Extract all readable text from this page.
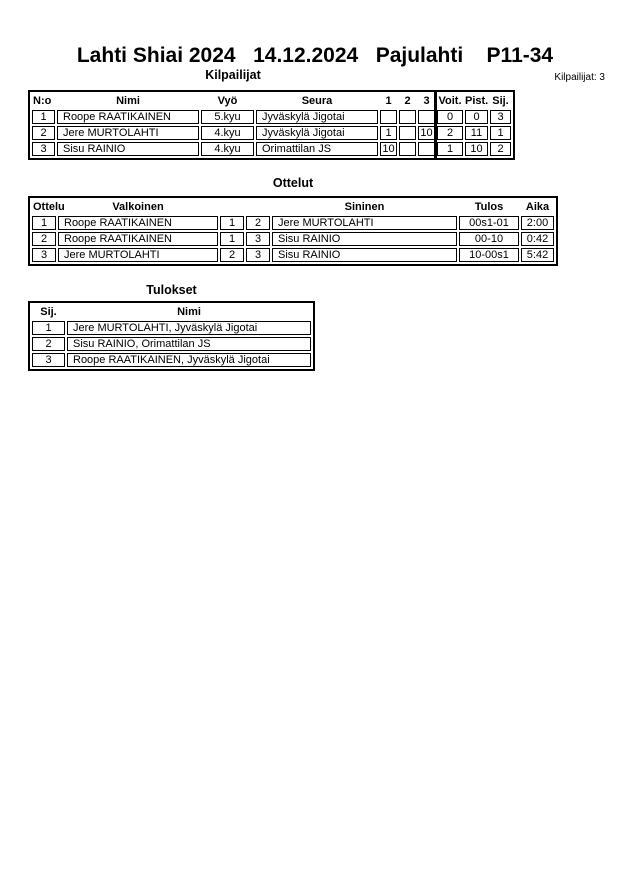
Lahti Shiai 2024   14.12.2024   Pajulahti    P11-34
Kilpailijat	Kilpailijat: 3
N:o	Nimi	Vyö	Seura	1	2	3	Voit.	Pist.	Sij.
1	Roope RAATIKAINEN	5.kyu	Jyväskylä Jigotai				0	0	3
2	Jere MURTOLAHTI	4.kyu	Jyväskylä Jigotai	1		10	2	11	1
3	Sisu RAINIO	4.kyu	Orimattilan JS	10			1	10	2
Ottelut
Ottelu	Valkoinen			Sininen	Tulos	Aika
1	Roope RAATIKAINEN	1	2	Jere MURTOLAHTI	00s1-01	2:00
2	Roope RAATIKAINEN	1	3	Sisu RAINIO	00-10	0:42
3	Jere MURTOLAHTI	2	3	Sisu RAINIO	10-00s1	5:42
Tulokset
Sij.	Nimi
1	Jere MURTOLAHTI, Jyväskylä Jigotai
2	Sisu RAINIO, Orimattilan JS
3	Roope RAATIKAINEN, Jyväskylä Jigotai
